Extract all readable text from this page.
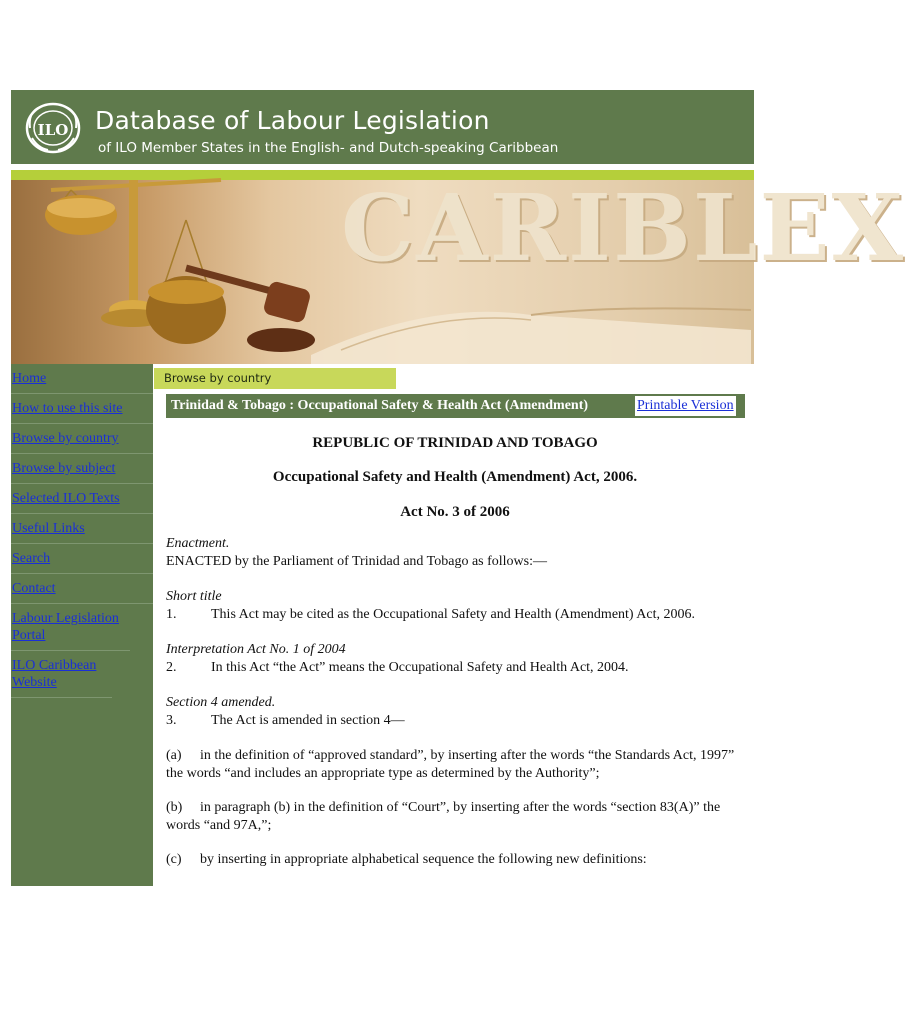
ILO Database of Labour Legislation
of ILO Member States in the English- and Dutch-speaking Caribbean
CARIBLEX
Home
How to use this site
Browse by country
Browse by subject
Selected ILO Texts
Useful Links
Search
Contact
Labour Legislation Portal
ILO Caribbean Website
Browse by country
Trinidad & Tobago : Occupational Safety & Health Act (Amendment)	Printable Version

REPUBLIC OF TRINIDAD AND TOBAGO

Occupational Safety and Health (Amendment) Act, 2006.

Act No. 3 of 2006

Enactment.

ENACTED by the Parliament of Trinidad and Tobago as follows:—

Short title

1. This Act may be cited as the Occupational Safety and Health (Amendment) Act, 2006.

Interpretation Act No. 1 of 2004

2. In this Act “the Act” means the Occupational Safety and Health Act, 2004.

Section 4 amended.

3. The Act is amended in section 4—

(a) in the definition of “approved standard”, by inserting after the words “the Standards Act, 1997” the words “and includes an appropriate type as determined by the Authority”;

(b) in paragraph (b) in the definition of “Court”, by inserting after the words “section 83(A)” the words “and 97A,”;

(c) by inserting in appropriate alphabetical sequence the following new definitions:
